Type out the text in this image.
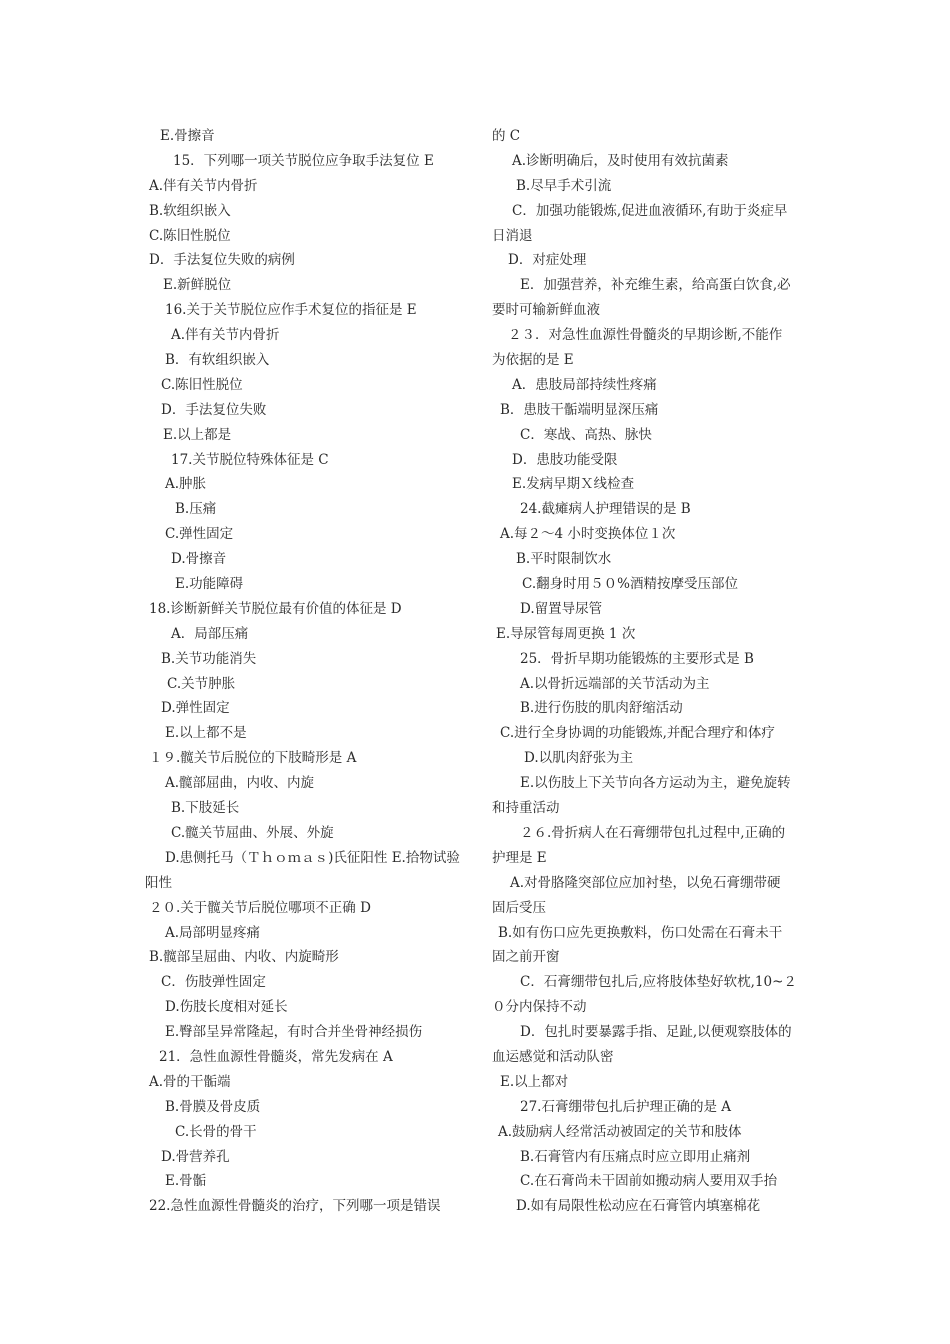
E.骨擦音
15．下列哪一项关节脱位应争取手法复位 E
A.伴有关节内骨折
B.软组织嵌入
C.陈旧性脱位
D．手法复位失败的病例
E.新鲜脱位
16.关于关节脱位应作手术复位的指征是 E
A.伴有关节内骨折
B．有软组织嵌入
C.陈旧性脱位
D．手法复位失败
E.以上都是
17.关节脱位特殊体征是 C
A.肿胀
B.压痛
C.弹性固定
D.骨擦音
E.功能障碍
18.诊断新鲜关节脱位最有价值的体征是 D
A．局部压痛
B.关节功能消失
C.关节肿胀
D.弹性固定
E.以上都不是
１９.髋关节后脱位的下肢畸形是 A
A.髋部屈曲，内收、内旋
B.下肢延长
C.髋关节屈曲、外展、外旋
D.患侧托马（Ｔｈｏｍａｓ)氏征阳性 E.拾物试验
阳性
２０.关于髋关节后脱位哪项不正确 D
A.局部明显疼痛
B.髋部呈屈曲、内收、内旋畸形
C．伤肢弹性固定
D.伤肢长度相对延长
E.臀部呈异常隆起，有时合并坐骨神经损伤
21．急性血源性骨髓炎，常先发病在 A
A.骨的干骺端
B.骨膜及骨皮质
C.长骨的骨干
D.骨营养孔
E.骨骺
22.急性血源性骨髓炎的治疗，下列哪一项是错误
的 C
A.诊断明确后，及时使用有效抗菌素
B.尽早手术引流
C．加强功能锻炼,促进血液循环,有助于炎症早
日消退
D．对症处理
E．加强营养，补充维生素，给高蛋白饮食,必
要时可输新鲜血液
２３．对急性血源性骨髓炎的早期诊断,不能作
为依据的是 E
A．患肢局部持续性疼痛
B．患肢干骺端明显深压痛
C．寒战、高热、脉快
D．患肢功能受限
E.发病早期Ｘ线检查
24.截瘫病人护理错误的是 B
A.每２～4 小时变换体位１次
B.平时限制饮水
C.翻身时用５０%酒精按摩受压部位
D.留置导尿管
E.导尿管每周更换 1 次
25．骨折早期功能锻炼的主要形式是 B
A.以骨折远端部的关节活动为主
B.进行伤肢的肌肉舒缩活动
C.进行全身协调的功能锻炼,并配合理疗和体疗
D.以肌肉舒张为主
E.以伤肢上下关节向各方运动为主，避免旋转
和持重活动
２６.骨折病人在石膏绷带包扎过程中,正确的
护理是 E
A.对骨胳隆突部位应加衬垫，以免石膏绷带硬
固后受压
B.如有伤口应先更换敷料，伤口处需在石膏未干
固之前开窗
C．石膏绷带包扎后,应将肢体垫好软枕,10~２
０分内保持不动
D．包扎时要暴露手指、足趾,以便观察肢体的
血运感觉和活动队密
E.以上都对
27.石膏绷带包扎后护理正确的是 A
A.鼓励病人经常活动被固定的关节和肢体
B.石膏管内有压痛点时应立即用止痛剂
C.在石膏尚未干固前如搬动病人要用双手抬
D.如有局限性松动应在石膏管内填塞棉花
